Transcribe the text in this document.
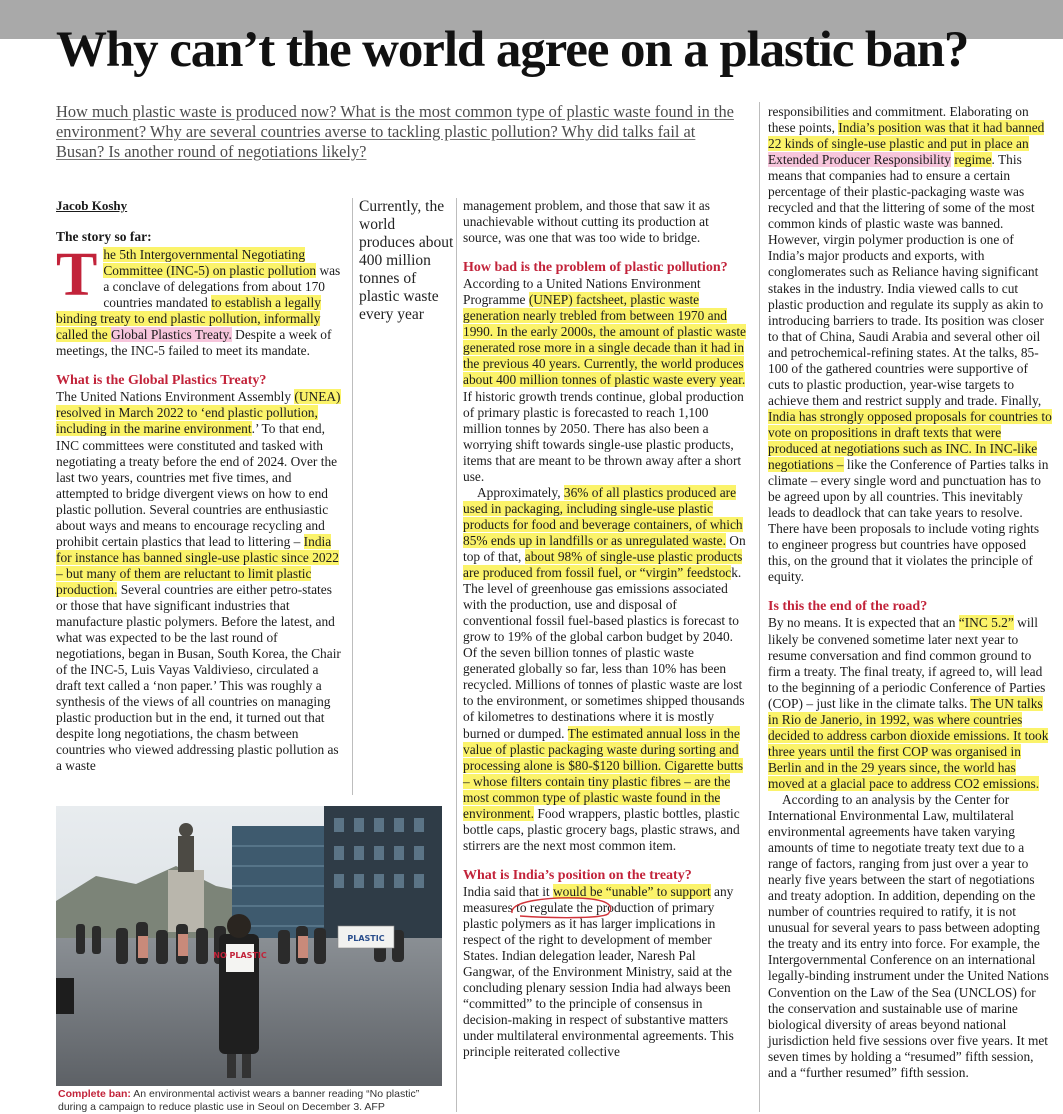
Why can’t the world agree on a plastic ban?
How much plastic waste is produced now? What is the most common type of plastic waste found in the environment? Why are several countries averse to tackling plastic pollution? Why did talks fail at Busan? Is another round of negotiations likely?
Jacob Koshy
The story so far:
Currently, the world produces about 400 million tonnes of plastic waste every year

The 5th Intergovernmental Negotiating Committee (INC-5) on plastic pollution was a conclave of delegations from about 170 countries mandated to establish a legally binding treaty to end plastic pollution, informally called the Global Plastics Treaty. Despite a week of meetings, the INC-5 failed to meet its mandate.

What is the Global Plastics Treaty?

The United Nations Environment Assembly (UNEA) resolved in March 2022 to ‘end plastic pollution, including in the marine environment.’ To that end, INC committees were constituted and tasked with negotiating a treaty before the end of 2024. Over the last two years, countries met five times, and attempted to bridge divergent views on how to end plastic pollution. Several countries are enthusiastic about ways and means to encourage recycling and prohibit certain plastics that lead to littering – India for instance has banned single-use plastic since 2022 – but many of them are reluctant to limit plastic production. Several countries are either petro-states or those that have significant industries that manufacture plastic polymers. Before the latest, and what was expected to be the last round of negotiations, began in Busan, South Korea, the Chair of the INC-5, Luis Vayas Valdivieso, circulated a draft text called a ‘non paper.’ This was roughly a synthesis of the views of all countries on managing plastic production but in the end, it turned out that despite long negotiations, the chasm between countries who viewed addressing plastic pollution as a waste

management problem, and those that saw it as unachievable without cutting its production at source, was one that was too wide to bridge.

How bad is the problem of plastic pollution?

According to a United Nations Environment Programme (UNEP) factsheet, plastic waste generation nearly trebled from between 1970 and 1990. In the early 2000s, the amount of plastic waste generated rose more in a single decade than it had in the previous 40 years. Currently, the world produces about 400 million tonnes of plastic waste every year. If historic growth trends continue, global production of primary plastic is forecasted to reach 1,100 million tonnes by 2050. There has also been a worrying shift towards single-use plastic products, items that are meant to be thrown away after a short use.

Approximately, 36% of all plastics produced are used in packaging, including single-use plastic products for food and beverage containers, of which 85% ends up in landfills or as unregulated waste. On top of that, about 98% of single-use plastic products are produced from fossil fuel, or “virgin” feedstock. The level of greenhouse gas emissions associated with the production, use and disposal of conventional fossil fuel-based plastics is forecast to grow to 19% of the global carbon budget by 2040. Of the seven billion tonnes of plastic waste generated globally so far, less than 10% has been recycled. Millions of tonnes of plastic waste are lost to the environment, or sometimes shipped thousands of kilometres to destinations where it is mostly burned or dumped. The estimated annual loss in the value of plastic packaging waste during sorting and processing alone is $80-$120 billion. Cigarette butts – whose filters contain tiny plastic fibres – are the most common type of plastic waste found in the environment. Food wrappers, plastic bottles, plastic bottle caps, plastic grocery bags, plastic straws, and stirrers are the next most common item.

What is India’s position on the treaty?

India said that it would be “unable” to support any measures to regulate the production of primary plastic polymers as it has larger implications in respect of the right to development of member States. Indian delegation leader, Naresh Pal Gangwar, of the Environment Ministry, said at the concluding plenary session India had always been “committed” to the principle of consensus in decision-making in respect of substantive matters under multilateral environmental agreements. This principle reiterated collective

responsibilities and commitment. Elaborating on these points, India’s position was that it had banned 22 kinds of single-use plastic and put in place an Extended Producer Responsibility regime. This means that companies had to ensure a certain percentage of their plastic-packaging waste was recycled and that the littering of some of the most common kinds of plastic waste was banned. However, virgin polymer production is one of India’s major products and exports, with conglomerates such as Reliance having significant stakes in the industry. India viewed calls to cut plastic production and regulate its supply as akin to introducing barriers to trade. Its position was closer to that of China, Saudi Arabia and several other oil and petrochemical-refining states. At the talks, 85-100 of the gathered countries were supportive of cuts to plastic production, year-wise targets to achieve them and restrict supply and trade. Finally, India has strongly opposed proposals for countries to vote on propositions in draft texts that were produced at negotiations such as INC. In INC-like negotiations – like the Conference of Parties talks in climate – every single word and punctuation has to be agreed upon by all countries. This inevitably leads to deadlock that can take years to resolve. There have been proposals to include voting rights to engineer progress but countries have opposed this, on the ground that it violates the principle of equity.

Is this the end of the road?

By no means. It is expected that an “INC 5.2” will likely be convened sometime later next year to resume conversation and find common ground to firm a treaty. The final treaty, if agreed to, will lead to the beginning of a periodic Conference of Parties (COP) – just like in the climate talks. The UN talks in Rio de Janerio, in 1992, was where countries decided to address carbon dioxide emissions. It took three years until the first COP was organised in Berlin and in the 29 years since, the world has moved at a glacial pace to address CO2 emissions.

According to an analysis by the Center for International Environmental Law, multilateral environmental agreements have taken varying amounts of time to negotiate treaty text due to a range of factors, ranging from just over a year to nearly five years between the start of negotiations and treaty adoption. In addition, depending on the number of countries required to ratify, it is not unusual for several years to pass between adopting the treaty and its entry into force. For example, the Intergovernmental Conference on an international legally-binding instrument under the United Nations Convention on the Law of the Sea (UNCLOS) for the conservation and sustainable use of marine biological diversity of areas beyond national jurisdiction held five sessions over five years. It met seven times by holding a “resumed” fifth session, and a “further resumed” fifth session.

PLASTIC
NO PLASTIC
Complete ban: An environmental activist wears a banner reading “No plastic” during a campaign to reduce plastic use in Seoul on December 3. AFP
